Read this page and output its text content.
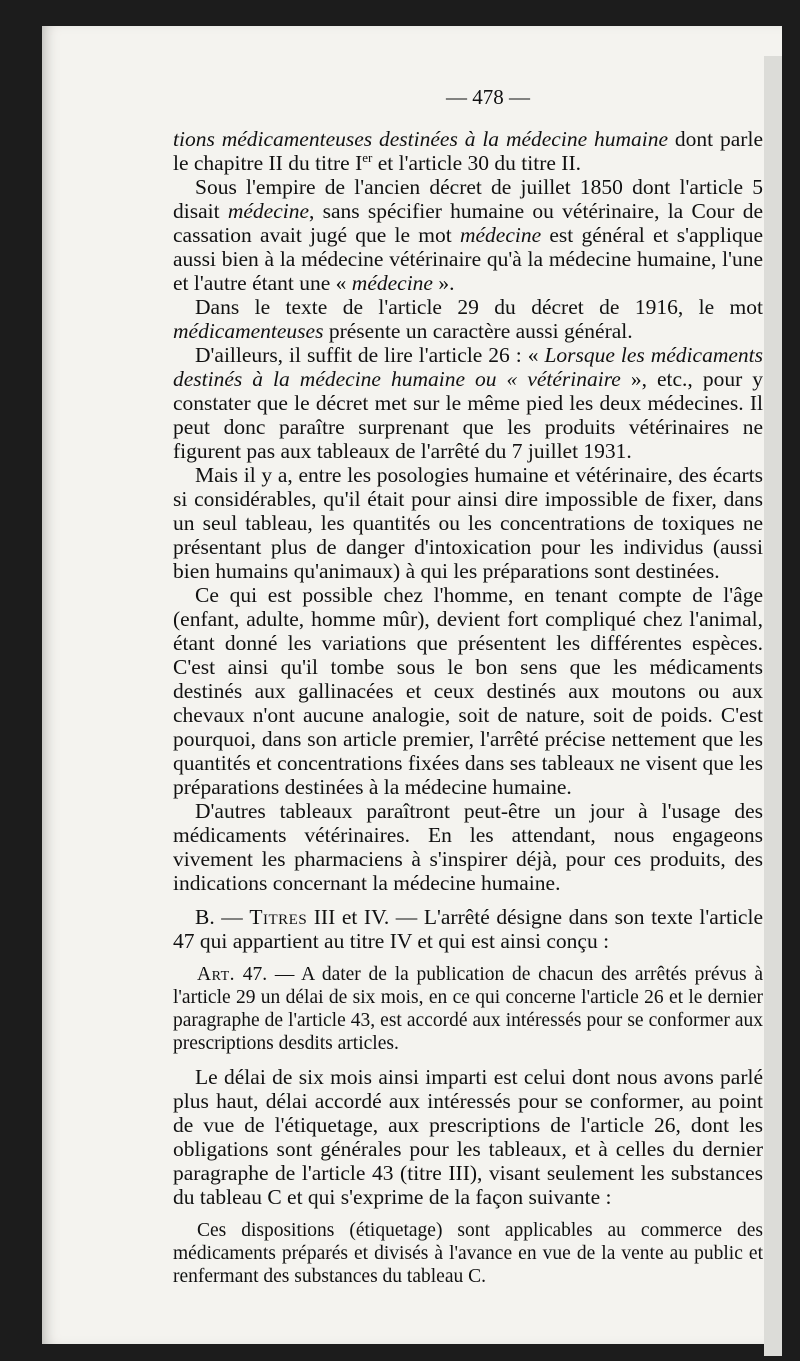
— 478 —

tions médicamenteuses destinées à la médecine humaine dont parle le chapitre II du titre Ier et l'article 30 du titre II.

Sous l'empire de l'ancien décret de juillet 1850 dont l'article 5 disait médecine, sans spécifier humaine ou vétérinaire, la Cour de cassation avait jugé que le mot médecine est général et s'applique aussi bien à la médecine vétérinaire qu'à la médecine humaine, l'une et l'autre étant une « médecine ».

Dans le texte de l'article 29 du décret de 1916, le mot médicamenteuses présente un caractère aussi général.

D'ailleurs, il suffit de lire l'article 26 : « Lorsque les médicaments destinés à la médecine humaine ou « vétérinaire », etc., pour y constater que le décret met sur le même pied les deux médecines. Il peut donc paraître surprenant que les produits vétérinaires ne figurent pas aux tableaux de l'arrêté du 7 juillet 1931.

Mais il y a, entre les posologies humaine et vétérinaire, des écarts si considérables, qu'il était pour ainsi dire impossible de fixer, dans un seul tableau, les quantités ou les concentrations de toxiques ne présentant plus de danger d'intoxication pour les individus (aussi bien humains qu'animaux) à qui les préparations sont destinées.

Ce qui est possible chez l'homme, en tenant compte de l'âge (enfant, adulte, homme mûr), devient fort compliqué chez l'animal, étant donné les variations que présentent les différentes espèces. C'est ainsi qu'il tombe sous le bon sens que les médicaments destinés aux gallinacées et ceux destinés aux moutons ou aux chevaux n'ont aucune analogie, soit de nature, soit de poids. C'est pourquoi, dans son article premier, l'arrêté précise nettement que les quantités et concentrations fixées dans ses tableaux ne visent que les préparations destinées à la médecine humaine.

D'autres tableaux paraîtront peut-être un jour à l'usage des médicaments vétérinaires. En les attendant, nous engageons vivement les pharmaciens à s'inspirer déjà, pour ces produits, des indications concernant la médecine humaine.

B. — Titres III et IV. — L'arrêté désigne dans son texte l'article 47 qui appartient au titre IV et qui est ainsi conçu :

Art. 47. — A dater de la publication de chacun des arrêtés prévus à l'article 29 un délai de six mois, en ce qui concerne l'article 26 et le dernier paragraphe de l'article 43, est accordé aux intéressés pour se conformer aux prescriptions desdits articles.

Le délai de six mois ainsi imparti est celui dont nous avons parlé plus haut, délai accordé aux intéressés pour se conformer, au point de vue de l'étiquetage, aux prescriptions de l'article 26, dont les obligations sont générales pour les tableaux, et à celles du dernier paragraphe de l'article 43 (titre III), visant seulement les substances du tableau C et qui s'exprime de la façon suivante :

Ces dispositions (étiquetage) sont applicables au commerce des médicaments préparés et divisés à l'avance en vue de la vente au public et renfermant des substances du tableau C.
